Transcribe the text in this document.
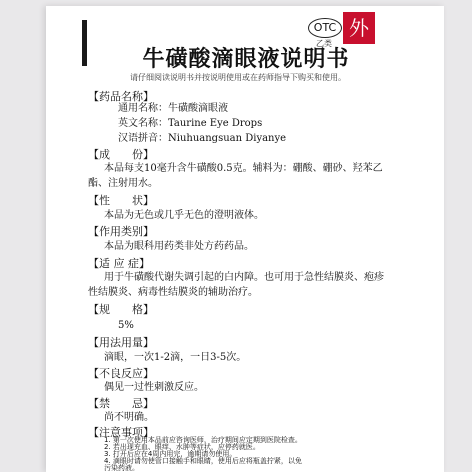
OTC
乙类
外
牛磺酸滴眼液说明书
请仔细阅读说明书并按说明使用或在药师指导下购买和使用。
【药品名称】
通用名称：牛磺酸滴眼液
英文名称：Taurine Eye Drops
汉语拼音：Niuhuangsuan Diyanye
【成　　份】
本品每支10毫升含牛磺酸0.5克。辅料为：硼酸、硼砂、羟苯乙
酯、注射用水。
【性　　状】
本品为无色或几乎无色的澄明液体。
【作用类别】
本品为眼科用药类非处方药药品。
【适 应 症】
用于牛磺酸代谢失调引起的白内障。也可用于急性结膜炎、疱疹
性结膜炎、病毒性结膜炎的辅助治疗。
【规　　格】
5%
【用法用量】
滴眼，一次1-2滴，一日3-5次。
【不良反应】
偶见一过性刺激反应。
【禁　　忌】
尚不明确。
【注意事项】
1. 第一次使用本品前应咨询医师，治疗期间应定期到医院检查。
2. 若出现充血、眼痒、水肿等症状，应停药就医。
3. 打开后应在4周内用完，逾期请勿使用。
4. 滴眼时请勿使管口接触手和眼睛，使用后应将瓶盖拧紧，以免
污染药液。
